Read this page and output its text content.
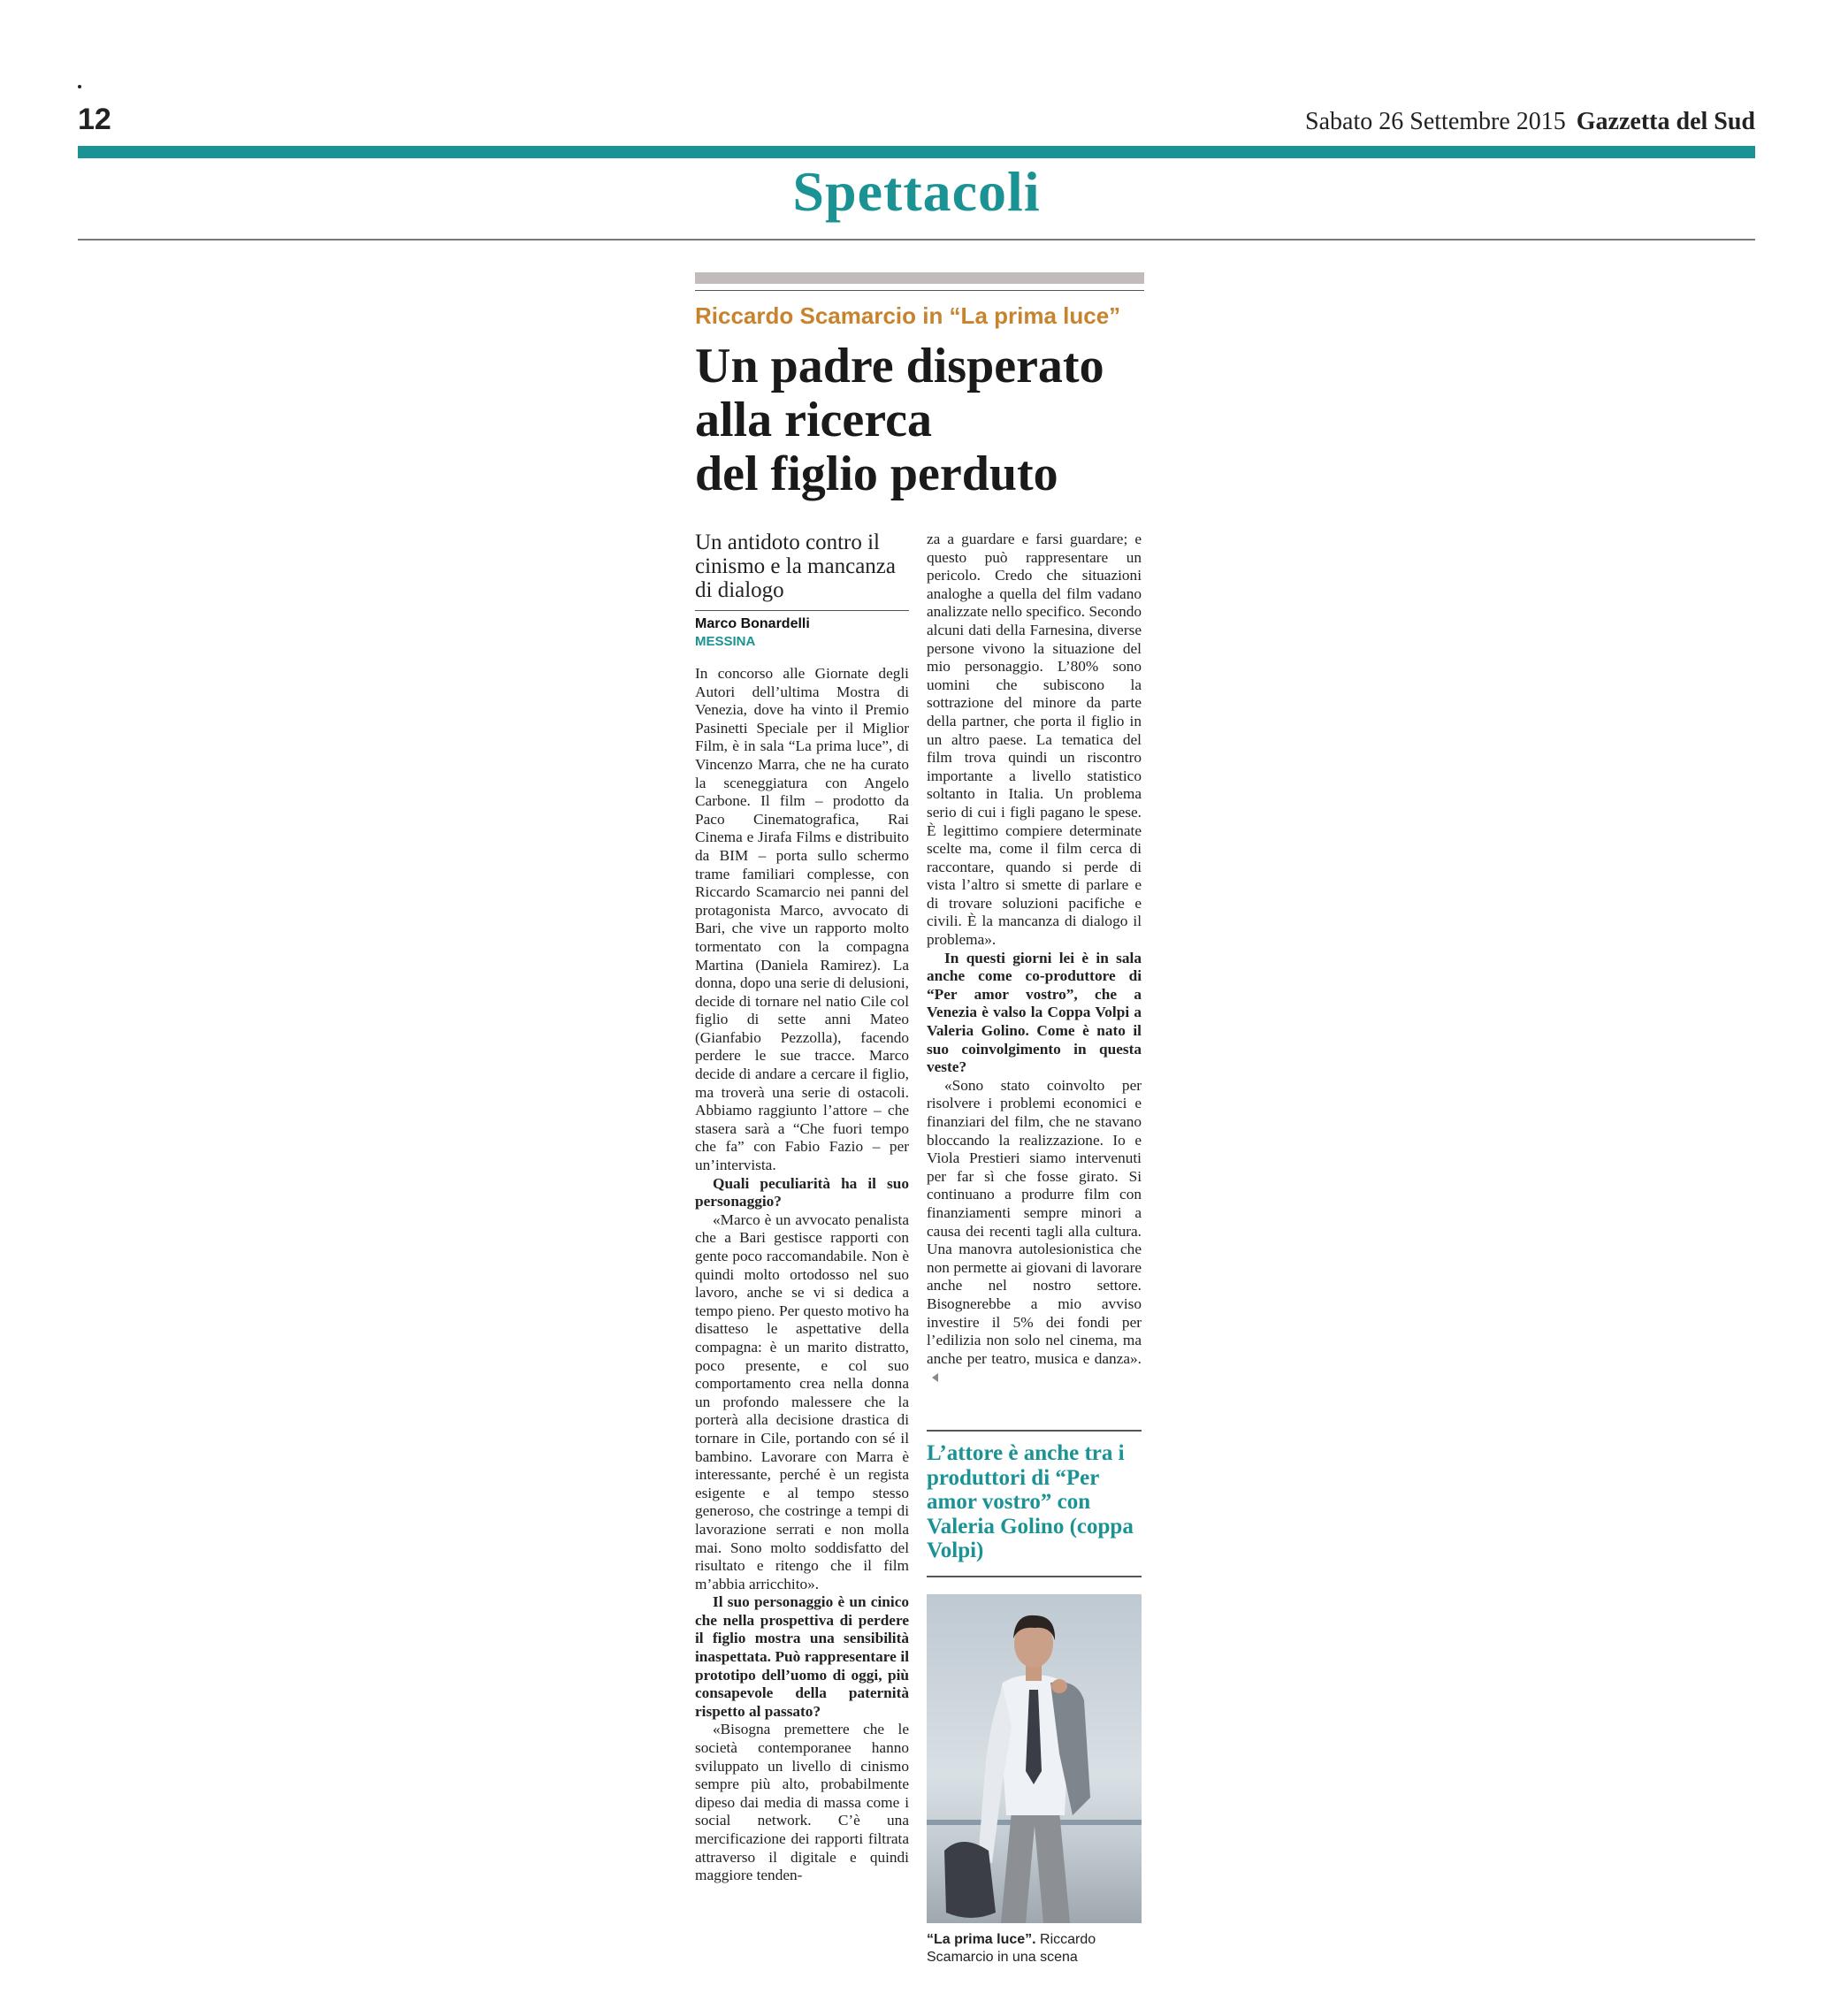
12	Sabato 26 Settembre 2015 Gazzetta del Sud
Spettacoli
Riccardo Scamarcio in “La prima luce”
Un padre disperato
alla ricerca
del figlio perduto
Un antidoto contro il cinismo e la mancanza di dialogo
Marco Bonardelli
MESSINA

In concorso alle Giornate degli Autori dell’ultima Mostra di Venezia, dove ha vinto il Premio Pasinetti Speciale per il Miglior Film, è in sala “La prima luce”, di Vincenzo Marra, che ne ha curato la sceneggiatura con Angelo Carbone. Il film – prodotto da Paco Cinematografica, Rai Cinema e Jirafa Films e distribuito da BIM – porta sullo schermo trame familiari complesse, con Riccardo Scamarcio nei panni del protagonista Marco, avvocato di Bari, che vive un rapporto molto tormentato con la compagna Martina (Daniela Ramirez). La donna, dopo una serie di delusioni, decide di tornare nel natio Cile col figlio di sette anni Mateo (Gianfabio Pezzolla), facendo perdere le sue tracce. Marco decide di andare a cercare il figlio, ma troverà una serie di ostacoli. Abbiamo raggiunto l’attore – che stasera sarà a “Che fuori tempo che fa” con Fabio Fazio – per un’intervista.

Quali peculiarità ha il suo personaggio?

«Marco è un avvocato penalista che a Bari gestisce rapporti con gente poco raccomandabile. Non è quindi molto ortodosso nel suo lavoro, anche se vi si dedica a tempo pieno. Per questo motivo ha disatteso le aspettative della compagna: è un marito distratto, poco presente, e col suo comportamento crea nella donna un profondo malessere che la porterà alla decisione drastica di tornare in Cile, portando con sé il bambino. Lavorare con Marra è interessante, perché è un regista esigente e al tempo stesso generoso, che costringe a tempi di lavorazione serrati e non molla mai. Sono molto soddisfatto del risultato e ritengo che il film m’abbia arricchito».

Il suo personaggio è un cinico che nella prospettiva di perdere il figlio mostra una sensibilità inaspettata. Può rappresentare il prototipo dell’uomo di oggi, più consapevole della paternità rispetto al passato?

«Bisogna premettere che le società contemporanee hanno sviluppato un livello di cinismo sempre più alto, probabilmente dipeso dai media di massa come i social network. C’è una mercificazione dei rapporti filtrata attraverso il digitale e quindi maggiore tenden-

za a guardare e farsi guardare; e questo può rappresentare un pericolo. Credo che situazioni analoghe a quella del film vadano analizzate nello specifico. Secondo alcuni dati della Farnesina, diverse persone vivono la situazione del mio personaggio. L’80% sono uomini che subiscono la sottrazione del minore da parte della partner, che porta il figlio in un altro paese. La tematica del film trova quindi un riscontro importante a livello statistico soltanto in Italia. Un problema serio di cui i figli pagano le spese. È legittimo compiere determinate scelte ma, come il film cerca di raccontare, quando si perde di vista l’altro si smette di parlare e di trovare soluzioni pacifiche e civili. È la mancanza di dialogo il problema».

In questi giorni lei è in sala anche come co-produttore di “Per amor vostro”, che a Venezia è valso la Coppa Volpi a Valeria Golino. Come è nato il suo coinvolgimento in questa veste?

«Sono stato coinvolto per risolvere i problemi economici e finanziari del film, che ne stavano bloccando la realizzazione. Io e Viola Prestieri siamo intervenuti per far sì che fosse girato. Si continuano a produrre film con finanziamenti sempre minori a causa dei recenti tagli alla cultura. Una manovra autolesionistica che non permette ai giovani di lavorare anche nel nostro settore. Bisognerebbe a mio avviso investire il 5% dei fondi per l’edilizia non solo nel cinema, ma anche per teatro, musica e danza».

L’attore è anche tra i produttori di “Per amor vostro” con Valeria Golino (coppa Volpi)
“La prima luce”. Riccardo Scamarcio in una scena
